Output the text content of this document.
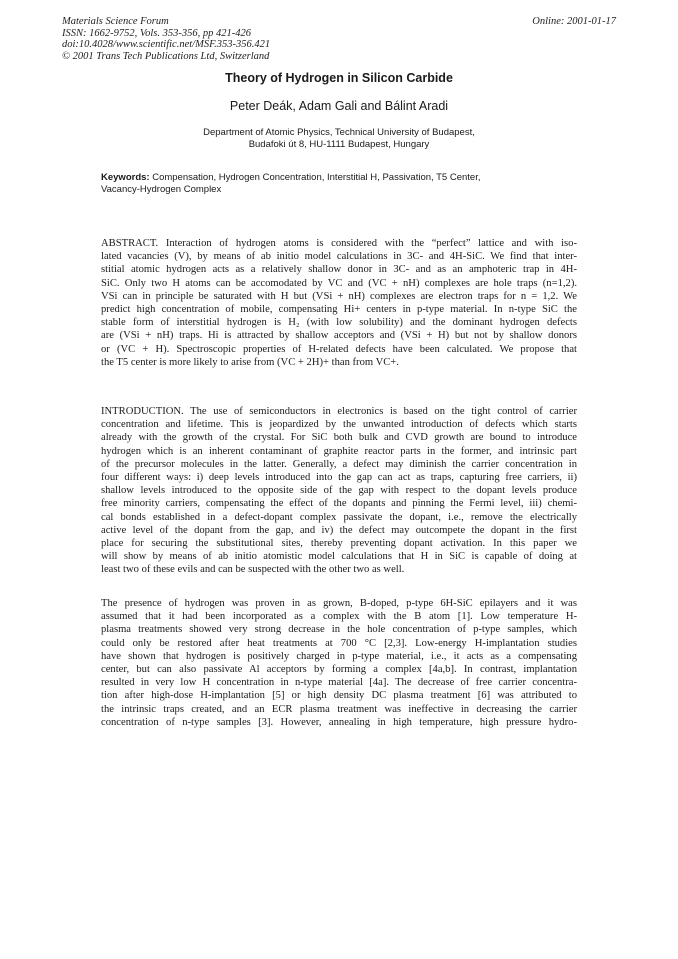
Materials Science Forum
ISSN: 1662-9752, Vols. 353-356, pp 421-426
doi:10.4028/www.scientific.net/MSF.353-356.421
© 2001 Trans Tech Publications Ltd, Switzerland
Online: 2001-01-17
Theory of Hydrogen in Silicon Carbide
Peter Deák, Adam Gali and Bálint Aradi
Department of Atomic Physics, Technical University of Budapest,
Budafoki út 8, HU-1111 Budapest, Hungary
Keywords: Compensation, Hydrogen Concentration, Interstitial H, Passivation, T5 Center,
Vacancy-Hydrogen Complex
ABSTRACT. Interaction of hydrogen atoms is considered with the “perfect” lattice and with iso-
lated vacancies (V), by means of ab initio model calculations in 3C- and 4H-SiC. We find that inter-
stitial atomic hydrogen acts as a relatively shallow donor in 3C- and as an amphoteric trap in 4H-
SiC. Only two H atoms can be accomodated by VC and (VC + nH) complexes are hole traps (n=1,2).
VSi can in principle be saturated with H but (VSi + nH) complexes are electron traps for n = 1,2. We
predict high concentration of mobile, compensating Hi+ centers in p-type material. In n-type SiC the
stable form of interstitial hydrogen is H₂ (with low solubility) and the dominant hydrogen defects
are (VSi + nH) traps. Hi is attracted by shallow acceptors and (VSi + H) but not by shallow donors
or (VC + H). Spectroscopic properties of H-related defects have been calculated. We propose that
the T5 center is more likely to arise from (VC + 2H)+ than from VC+.
INTRODUCTION. The use of semiconductors in electronics is based on the tight control of carrier
concentration and lifetime. This is jeopardized by the unwanted introduction of defects which starts
already with the growth of the crystal. For SiC both bulk and CVD growth are bound to introduce
hydrogen which is an inherent contaminant of graphite reactor parts in the former, and intrinsic part
of the precursor molecules in the latter. Generally, a defect may diminish the carrier concentration in
four different ways: i) deep levels introduced into the gap can act as traps, capturing free carriers, ii)
shallow levels introduced to the opposite side of the gap with respect to the dopant levels produce
free minority carriers, compensating the effect of the dopants and pinning the Fermi level, iii) chemi-
cal bonds established in a defect-dopant complex passivate the dopant, i.e., remove the electrically
active level of the dopant from the gap, and iv) the defect may outcompete the dopant in the first
place for securing the substitutional sites, thereby preventing dopant activation. In this paper we
will show by means of ab initio atomistic model calculations that H in SiC is capable of doing at
least two of these evils and can be suspected with the other two as well.
The presence of hydrogen was proven in as grown, B-doped, p-type 6H-SiC epilayers and it was
assumed that it had been incorporated as a complex with the B atom [1]. Low temperature H-
plasma treatments showed very strong decrease in the hole concentration of p-type samples, which
could only be restored after heat treatments at 700 °C [2,3]. Low-energy H-implantation studies
have shown that hydrogen is positively charged in p-type material, i.e., it acts as a compensating
center, but can also passivate Al acceptors by forming a complex [4a,b]. In contrast, implantation
resulted in very low H concentration in n-type material [4a]. The decrease of free carrier concentra-
tion after high-dose H-implantation [5] or high density DC plasma treatment [6] was attributed to
the intrinsic traps created, and an ECR plasma treatment was ineffective in decreasing the carrier
concentration of n-type samples [3]. However, annealing in high temperature, high pressure hydro-
